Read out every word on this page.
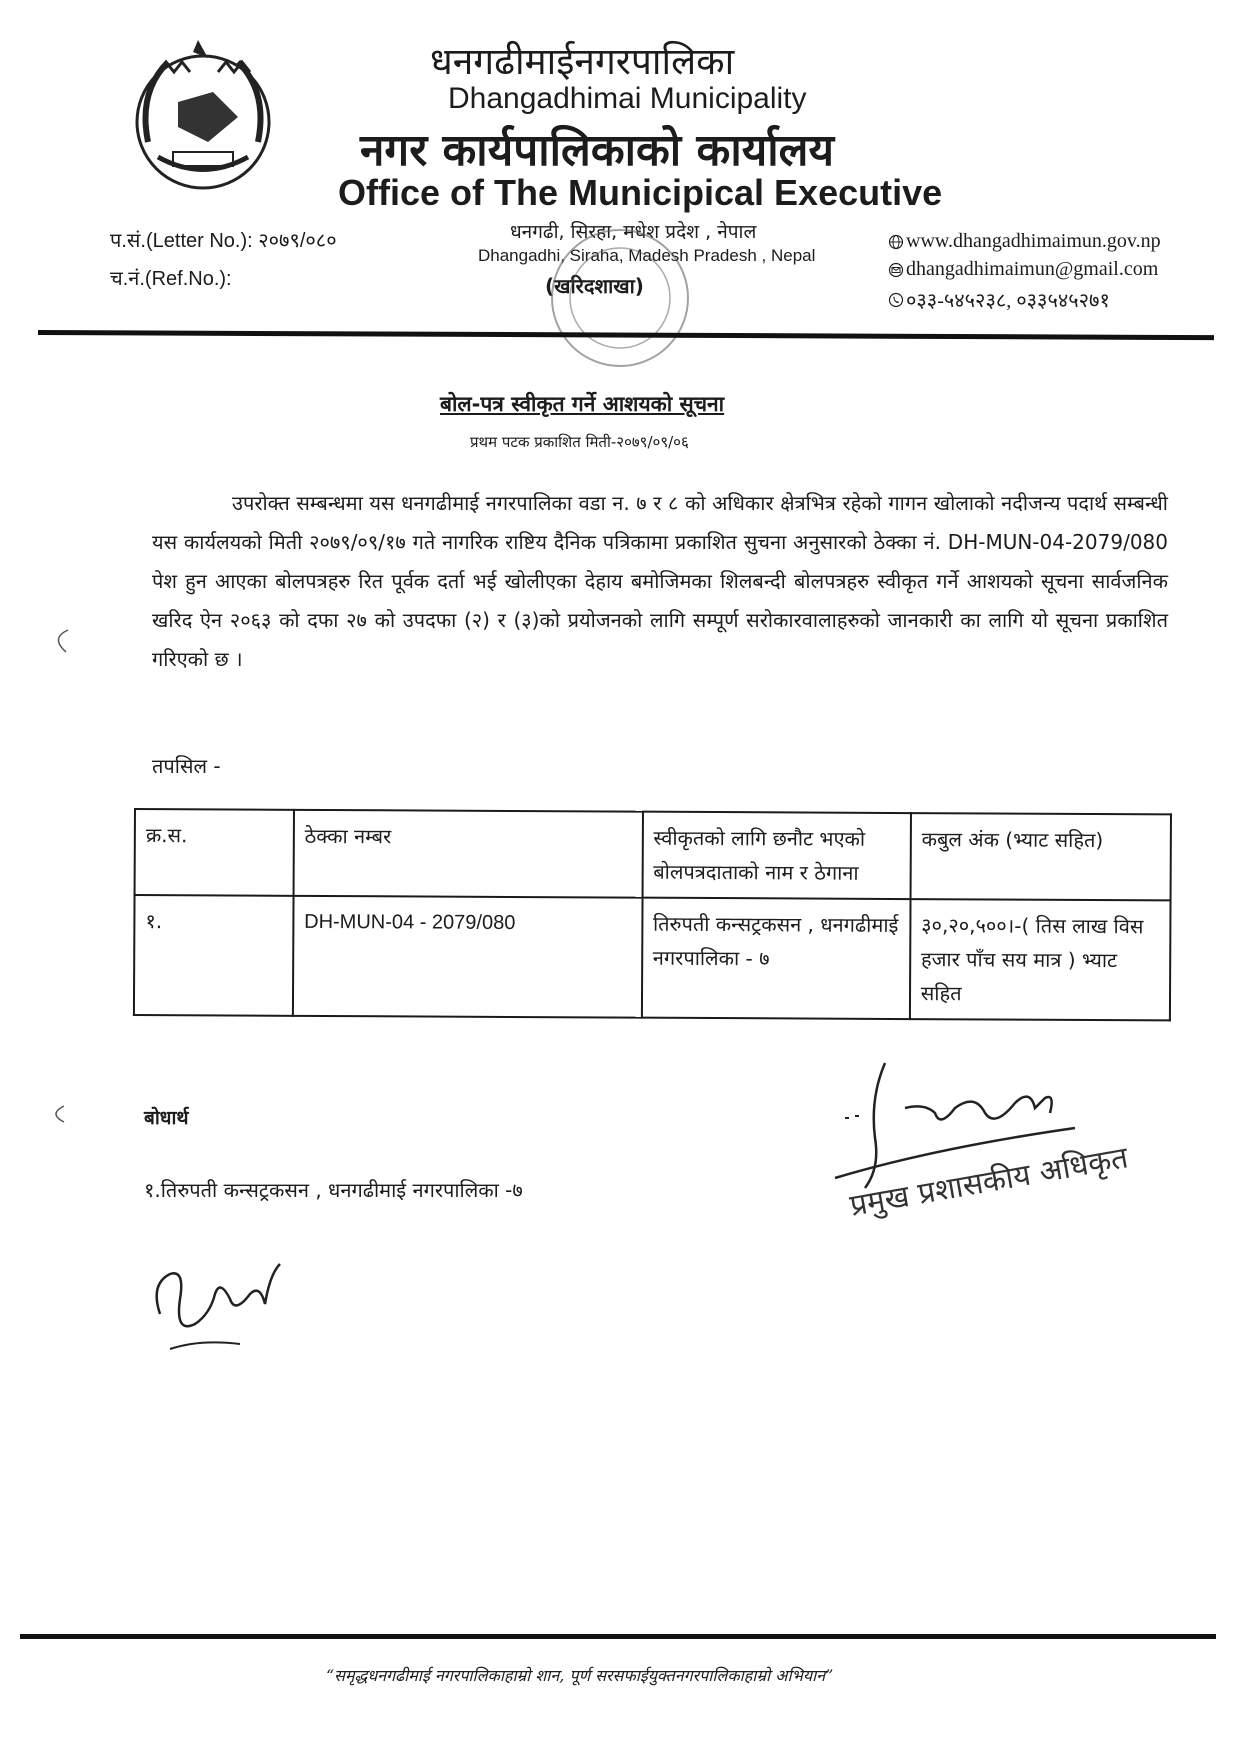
धनगढीमाईनगरपालिका
Dhangadhimai Municipality
नगर कार्यपालिकाको कार्यालय
Office of The Municipical Executive
धनगढी, सिरहा, मधेश प्रदेश , नेपाल
Dhangadhi, Siraha, Madesh Pradesh , Nepal
(खरिदशाखा)
प.सं.(Letter No.): २०७९/०८०
च.नं.(Ref.No.):
www.dhangadhimaimun.gov.np
dhangadhimaimun@gmail.com
०३३-५४५२३८, ०३३५४५२७१
बोल-पत्र स्वीकृत गर्ने आशयको सूचना
प्रथम पटक प्रकाशित मिती-२०७९/०९/०६
उपरोक्त सम्बन्धमा यस धनगढीमाई नगरपालिका वडा न. ७ र ८ को अधिकार क्षेत्रभित्र रहेको गागन खोलाको नदीजन्य पदार्थ सम्बन्धी यस कार्यलयको मिती २०७९/०९/१७ गते नागरिक राष्टिय दैनिक पत्रिकामा प्रकाशित सुचना अनुसारको ठेक्का नं. DH-MUN-04-2079/080 पेश हुन आएका बोलपत्रहरु रित पूर्वक दर्ता भई खोलीएका देहाय बमोजिमका शिलबन्दी बोलपत्रहरु स्वीकृत गर्ने आशयको सूचना सार्वजनिक खरिद ऐन २०६३ को दफा २७ को उपदफा (२) र (३)को प्रयोजनको लागि सम्पूर्ण सरोकारवालाहरुको जानकारी का लागि यो सूचना प्रकाशित गरिएको छ ।
तपसिल -
क्र.स.	ठेक्का नम्बर	स्वीकृतको लागि छनौट भएको बोलपत्रदाताको नाम र ठेगाना	कबुल अंक (भ्याट सहित)
१.	DH-MUN-04 - 2079/080	तिरुपती कन्सट्रकसन , धनगढीमाई नगरपालिका - ७	३०,२०,५००।-( तिस लाख विस हजार पाँच सय मात्र ) भ्याट सहित
बोधार्थ
१.तिरुपती कन्सट्रकसन , धनगढीमाई नगरपालिका -७	प्रमुख प्रशासकीय अधिकृत
“समृद्धधनगढीमाई नगरपालिकाहाम्रो शान, पूर्ण सरसफाईयुक्तनगरपालिकाहाम्रो अभियान”
